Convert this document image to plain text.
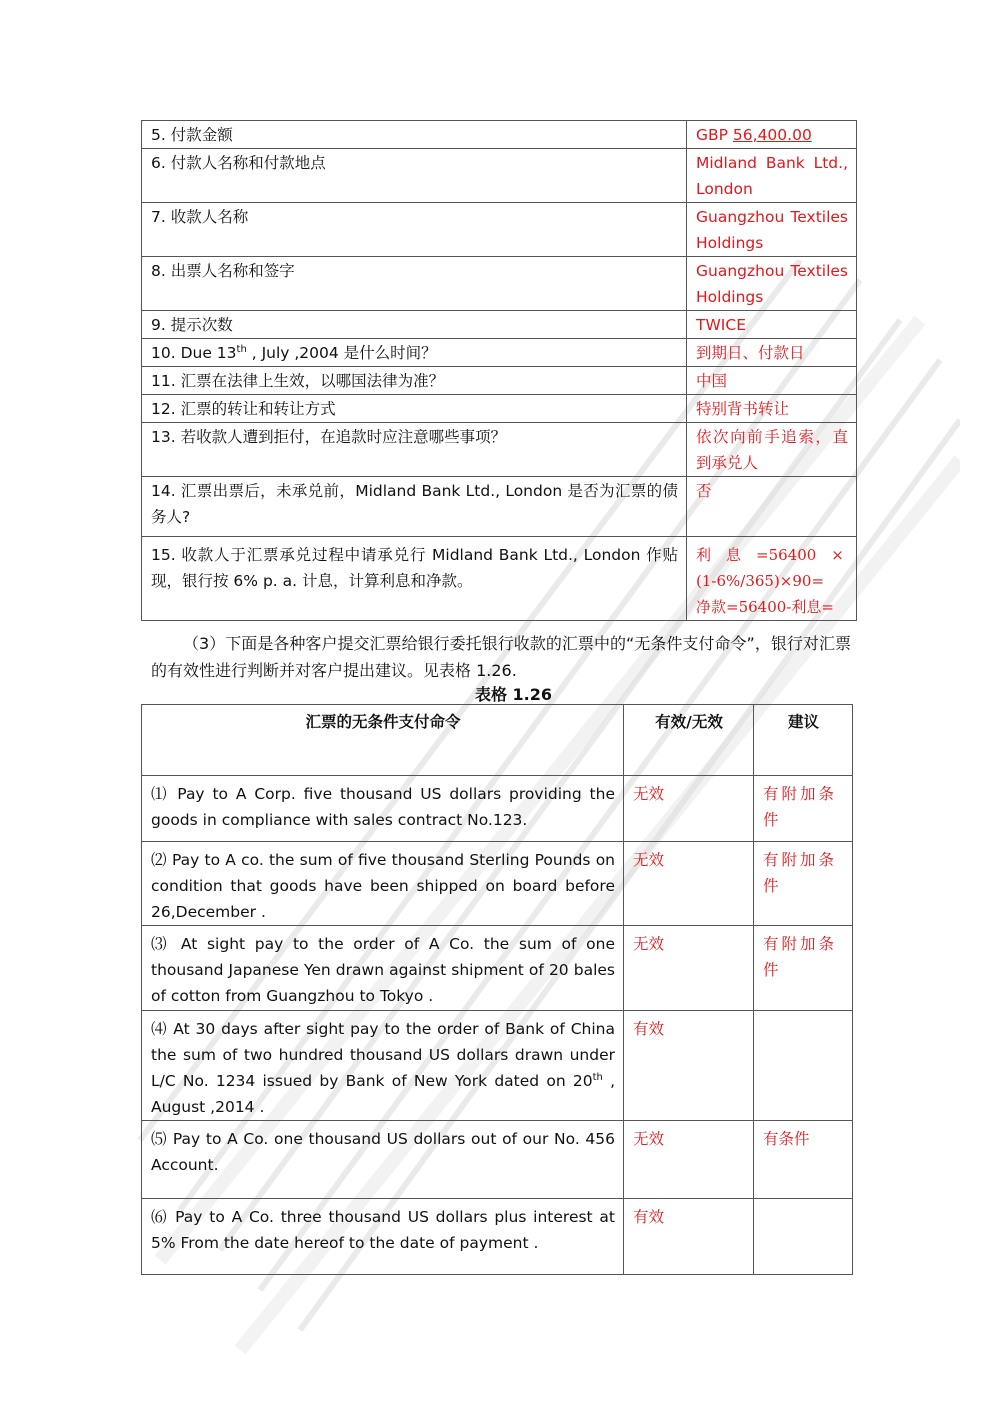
5. 付款金额	GBP 56,400.00
6. 付款人名称和付款地点	Midland Bank Ltd., London
7. 收款人名称	Guangzhou Textiles Holdings
8. 出票人名称和签字	Guangzhou Textiles Holdings
9. 提示次数	TWICE
10. Due 13th , July ,2004 是什么时间？	到期日、付款日
11. 汇票在法律上生效，以哪国法律为准？	中国
12. 汇票的转让和转让方式	特别背书转让
13. 若收款人遭到拒付，在追款时应注意哪些事项？	依次向前手追索，直到承兑人
14. 汇票出票后，未承兑前，Midland Bank Ltd., London 是否为汇票的债务人?	否
15. 收款人于汇票承兑过程中请承兑行 Midland Bank Ltd., London 作贴现，银行按 6% p. a. 计息，计算利息和净款。	利　息　=56400　×
(1-6%/365)×90=
净款=56400-利息=
（3）下面是各种客户提交汇票给银行委托银行收款的汇票中的“无条件支付命令”，银行对汇票的有效性进行判断并对客户提出建议。见表格 1.26.
表格 1.26
汇票的无条件支付命令	有效/无效	建议
⑴ Pay to A Corp. five thousand US dollars providing the goods in compliance with sales contract No.123.	无效	有附加条件
⑵ Pay to A co. the sum of five thousand Sterling Pounds on condition that goods have been shipped on board before 26,December .	无效	有附加条件
⑶ At sight pay to the order of A Co. the sum of one thousand Japanese Yen drawn against shipment of 20 bales of cotton from Guangzhou to Tokyo .	无效	有附加条件
⑷ At 30 days after sight pay to the order of Bank of China the sum of two hundred thousand US dollars drawn under L/C No. 1234 issued by Bank of New York dated on 20th , August ,2014 .	有效	
⑸ Pay to A Co. one thousand US dollars out of our No. 456 Account.	无效	有条件
⑹ Pay to A Co. three thousand US dollars plus interest at 5% From the date hereof to the date of payment .	有效	
